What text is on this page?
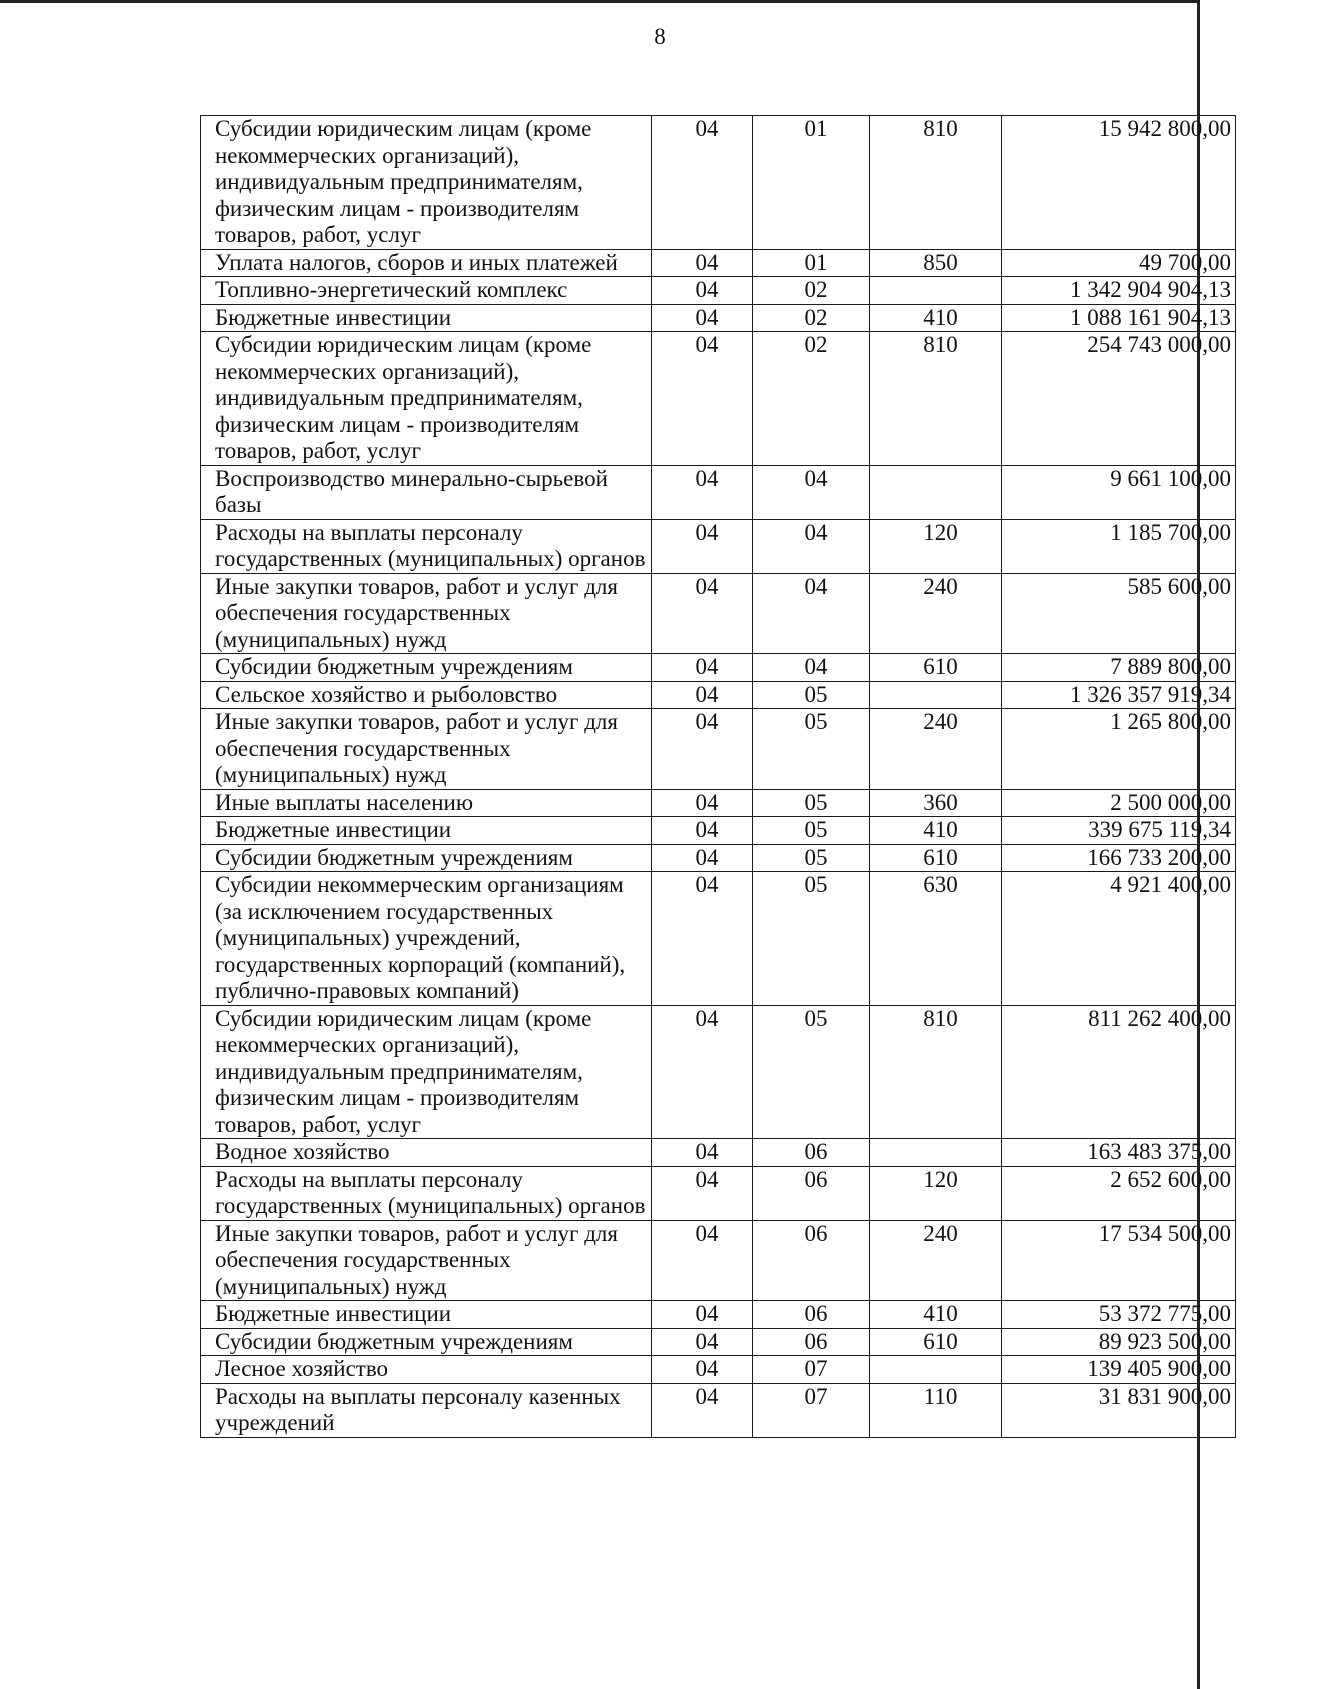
8
Субсидии юридическим лицам (кроме некоммерческих организаций), индивидуальным предпринимателям, физическим лицам - производителям товаров, работ, услуг	04	01	810	15 942 800,00
Уплата налогов, сборов и иных платежей	04	01	850	49 700,00
Топливно-энергетический комплекс	04	02		1 342 904 904,13
Бюджетные инвестиции	04	02	410	1 088 161 904,13
Субсидии юридическим лицам (кроме некоммерческих организаций), индивидуальным предпринимателям, физическим лицам - производителям товаров, работ, услуг	04	02	810	254 743 000,00
Воспроизводство минерально-сырьевой базы	04	04		9 661 100,00
Расходы на выплаты персоналу государственных (муниципальных) органов	04	04	120	1 185 700,00
Иные закупки товаров, работ и услуг для обеспечения государственных (муниципальных) нужд	04	04	240	585 600,00
Субсидии бюджетным учреждениям	04	04	610	7 889 800,00
Сельское хозяйство и рыболовство	04	05		1 326 357 919,34
Иные закупки товаров, работ и услуг для обеспечения государственных (муниципальных) нужд	04	05	240	1 265 800,00
Иные выплаты населению	04	05	360	2 500 000,00
Бюджетные инвестиции	04	05	410	339 675 119,34
Субсидии бюджетным учреждениям	04	05	610	166 733 200,00
Субсидии некоммерческим организациям (за исключением государственных (муниципальных) учреждений, государственных корпораций (компаний), публично-правовых компаний)	04	05	630	4 921 400,00
Субсидии юридическим лицам (кроме некоммерческих организаций), индивидуальным предпринимателям, физическим лицам - производителям товаров, работ, услуг	04	05	810	811 262 400,00
Водное хозяйство	04	06		163 483 375,00
Расходы на выплаты персоналу государственных (муниципальных) органов	04	06	120	2 652 600,00
Иные закупки товаров, работ и услуг для обеспечения государственных (муниципальных) нужд	04	06	240	17 534 500,00
Бюджетные инвестиции	04	06	410	53 372 775,00
Субсидии бюджетным учреждениям	04	06	610	89 923 500,00
Лесное хозяйство	04	07		139 405 900,00
Расходы на выплаты персоналу казенных учреждений	04	07	110	31 831 900,00
